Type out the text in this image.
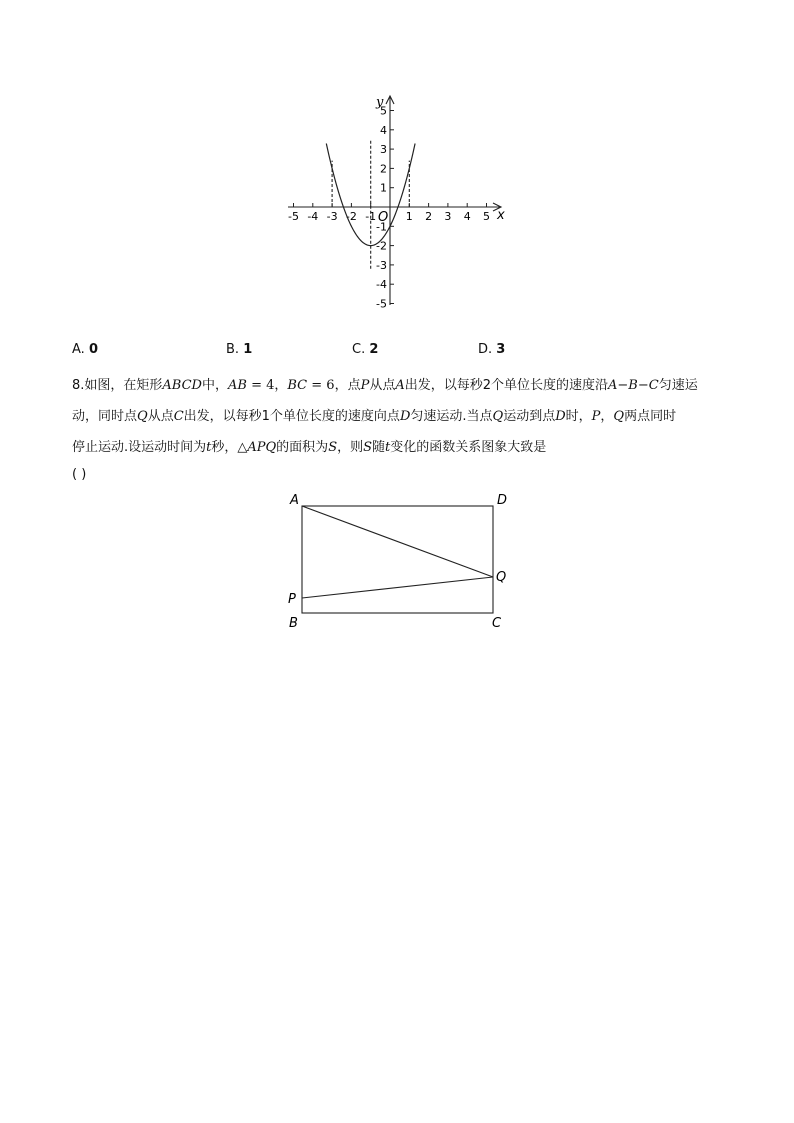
-5 -4 -3 -2 -1	1 2 3 4 5
5
4
3
2
1
-1
-2
-3
-4
-5
y
x
O
A. 0	B. 1	C. 2	D. 3
8.如图，在矩形ABCD中，AB = 4，BC = 6，点P从点A出发，以每秒2个单位长度的速度沿A−B−C匀速运
动，同时点Q从点C出发，以每秒1个单位长度的速度向点D匀速运动.当点Q运动到点D时，P，Q两点同时
停止运动.设运动时间为t秒，△APQ的面积为S，则S随t变化的函数关系图象大致是
( )
A	D
B	C
P
Q
